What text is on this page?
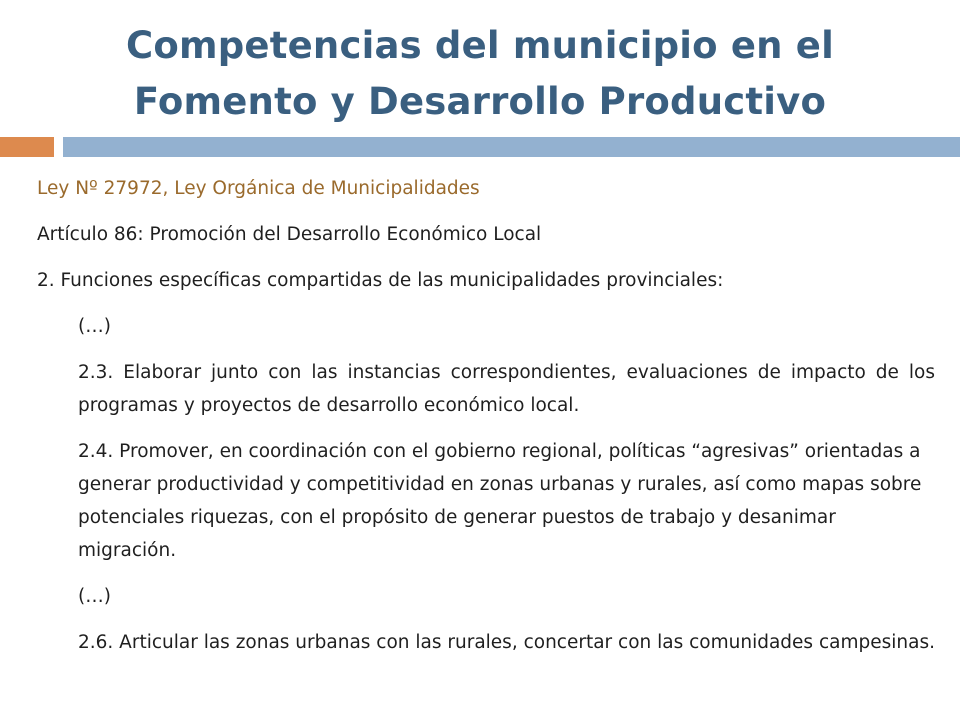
Competencias del municipio en el
Fomento y Desarrollo Productivo
Ley Nº 27972, Ley Orgánica de Municipalidades
Artículo 86: Promoción del Desarrollo Económico Local
2. Funciones específicas compartidas de las municipalidades provinciales:
(…)
2.3. Elaborar junto con las instancias correspondientes, evaluaciones de impacto de los programas y proyectos de desarrollo económico local.
2.4. Promover, en coordinación con el gobierno regional, políticas “agresivas” orientadas a generar productividad y competitividad en zonas urbanas y rurales, así como mapas sobre potenciales riquezas, con el propósito de generar puestos de trabajo y desanimar migración.
(…)
2.6. Articular las zonas urbanas con las rurales, concertar con las comunidades campesinas.
